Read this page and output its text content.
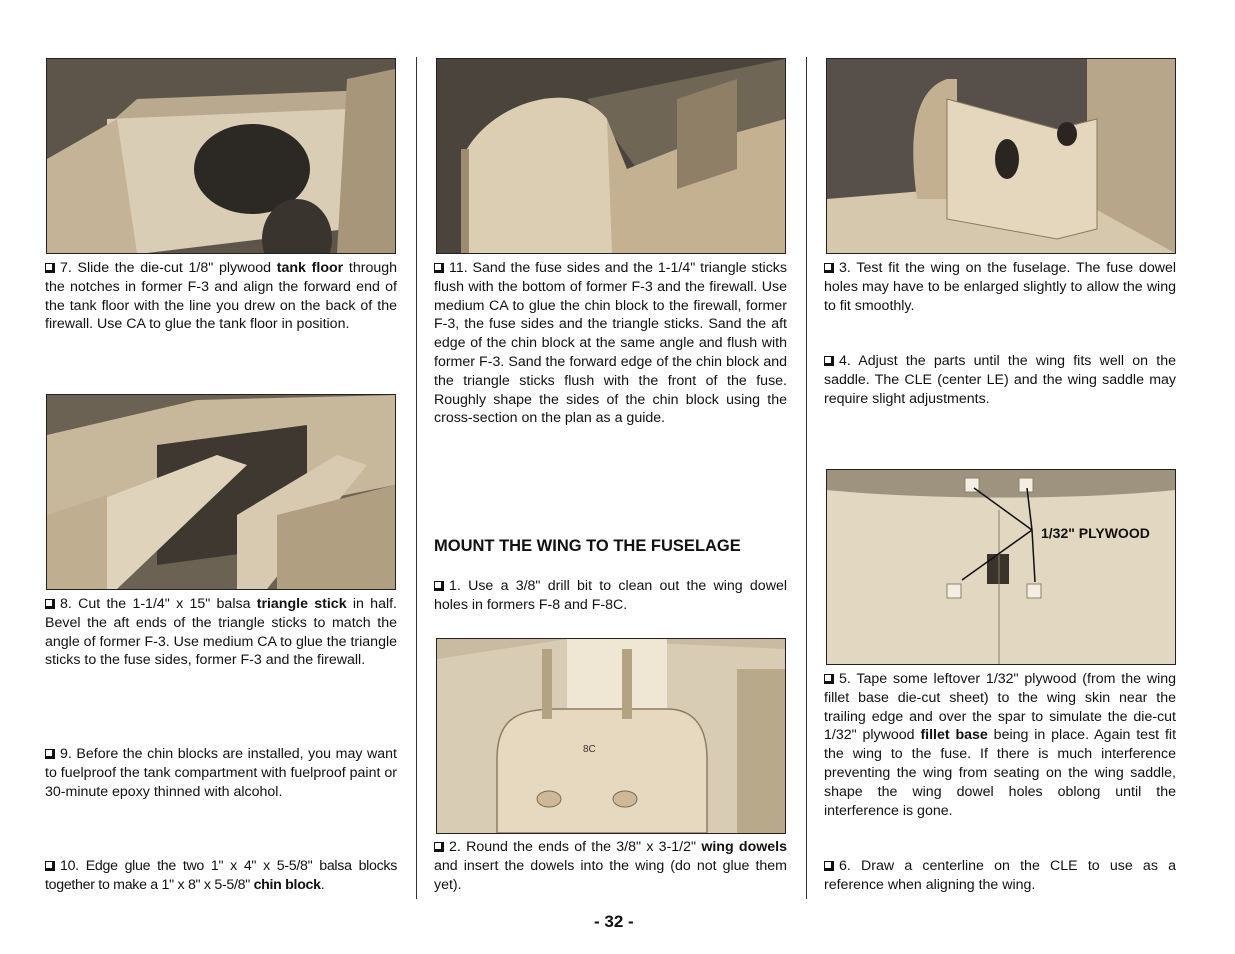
7. Slide the die-cut 1/8" plywood tank floor through the notches in former F-3 and align the forward end of the tank floor with the line you drew on the back of the firewall. Use CA to glue the tank floor in position.

8. Cut the 1-1/4" x 15" balsa triangle stick in half. Bevel the aft ends of the triangle sticks to match the angle of former F-3. Use medium CA to glue the triangle sticks to the fuse sides, former F-3 and the firewall.

9. Before the chin blocks are installed, you may want to fuelproof the tank compartment with fuelproof paint or 30-minute epoxy thinned with alcohol.

10. Edge glue the two 1" x 4" x 5-5/8" balsa blocks together to make a 1" x 8" x 5-5/8" chin block.

11. Sand the fuse sides and the 1-1/4" triangle sticks flush with the bottom of former F-3 and the firewall. Use medium CA to glue the chin block to the firewall, former F-3, the fuse sides and the triangle sticks. Sand the aft edge of the chin block at the same angle and flush with former F-3. Sand the forward edge of the chin block and the triangle sticks flush with the front of the fuse. Roughly shape the sides of the chin block using the cross-section on the plan as a guide.

MOUNT THE WING TO THE FUSELAGE

1. Use a 3/8" drill bit to clean out the wing dowel holes in formers F-8 and F-8C.

8C

2. Round the ends of the 3/8" x 3-1/2" wing dowels and insert the dowels into the wing (do not glue them yet).

3. Test fit the wing on the fuselage. The fuse dowel holes may have to be enlarged slightly to allow the wing to fit smoothly.

4. Adjust the parts until the wing fits well on the saddle. The CLE (center LE) and the wing saddle may require slight adjustments.

1/32" PLYWOOD

5. Tape some leftover 1/32" plywood (from the wing fillet base die-cut sheet) to the wing skin near the trailing edge and over the spar to simulate the die-cut 1/32" plywood fillet base being in place. Again test fit the wing to the fuse. If there is much interference preventing the wing from seating on the wing saddle, shape the wing dowel holes oblong until the interference is gone.

6. Draw a centerline on the CLE to use as a reference when aligning the wing.

- 32 -
